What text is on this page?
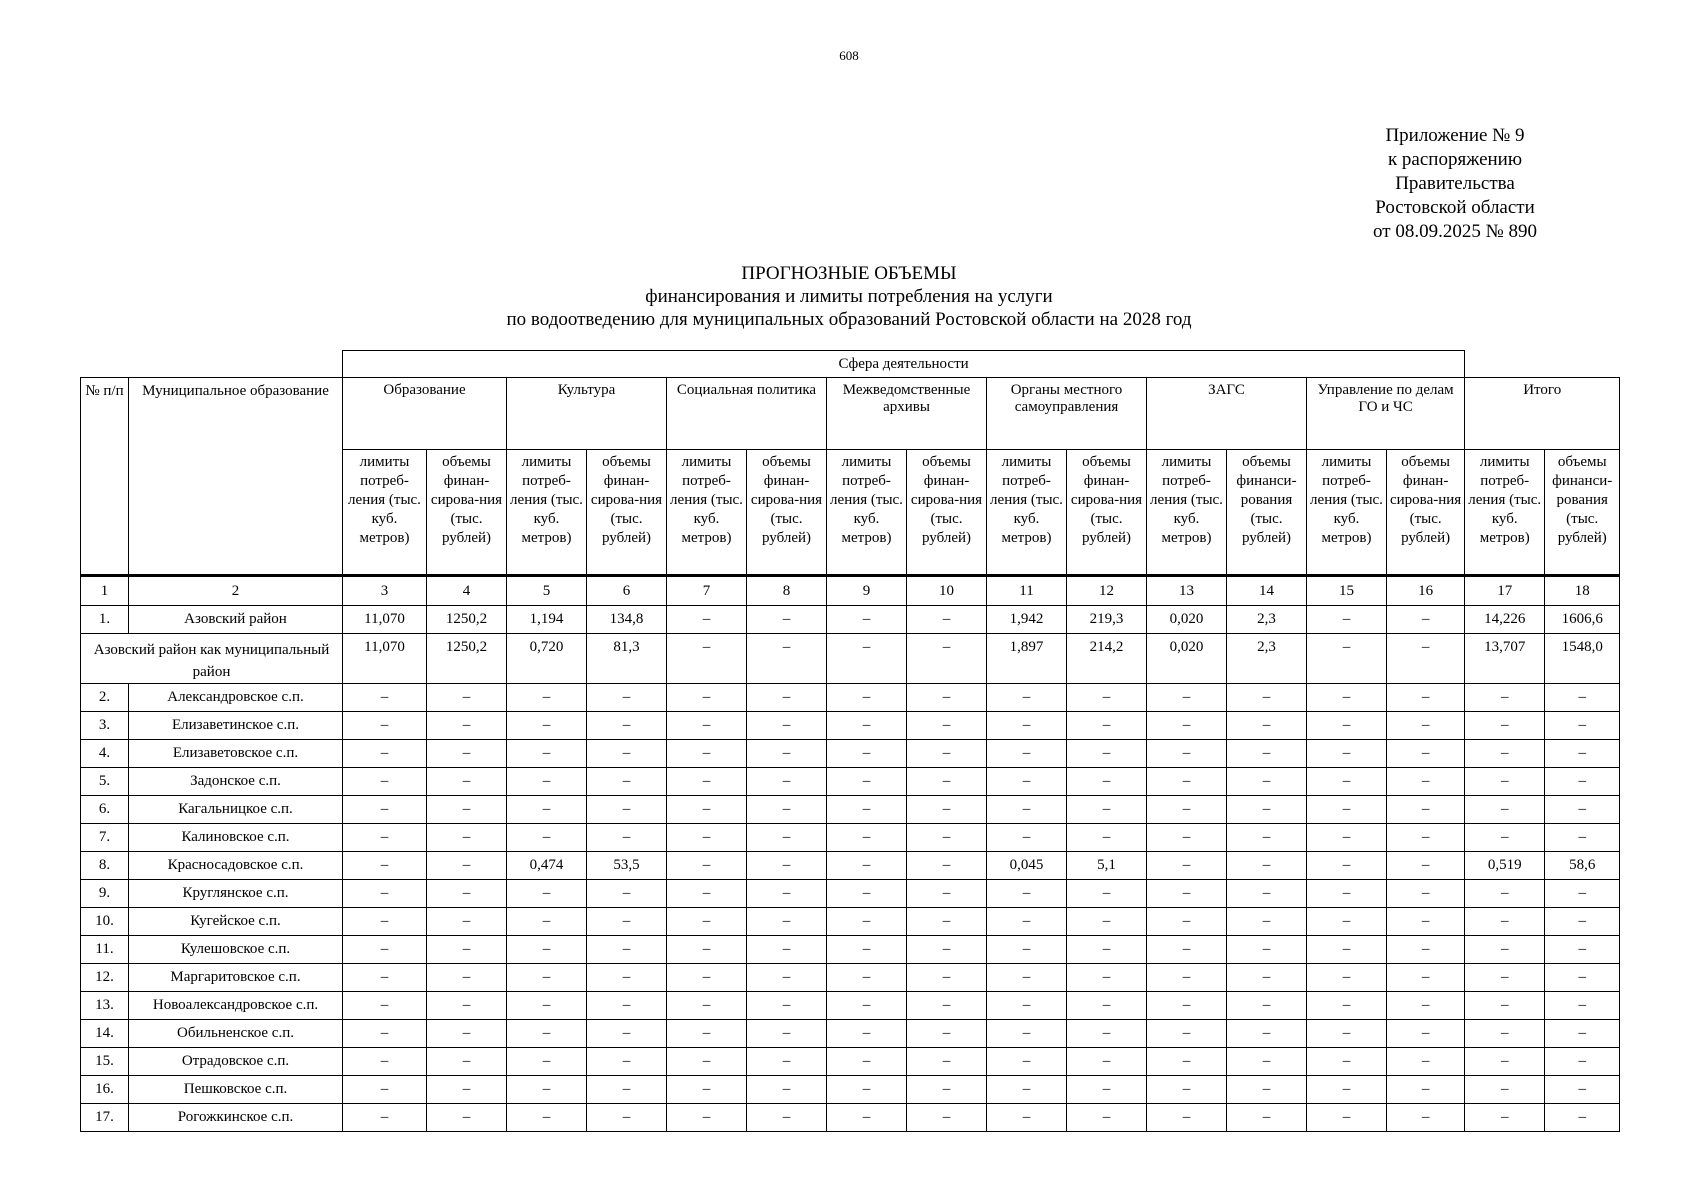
608
Приложение № 9
к распоряжению
Правительства
Ростовской области
от 08.09.2025 № 890
ПРОГНОЗНЫЕ ОБЪЕМЫ
финансирования и лимиты потребления на услуги
по водоотведению для муниципальных образований Ростовской области на 2028 год
		Сфера деятельности															
№ п/п	Муниципальное образование	Образование		Культура		Социальная политика		Межведомственные архивы		Органы местного самоуправления		ЗАГС		Управление по делам ГО и ЧС		Итого	
		лимиты потреб-ления (тыс. куб. метров)	объемы финан-сирова-ния (тыс. рублей)	лимиты потреб-ления (тыс. куб. метров)	объемы финан-сирова-ния (тыс. рублей)	лимиты потреб-ления (тыс. куб. метров)	объемы финан-сирова-ния (тыс. рублей)	лимиты потреб-ления (тыс. куб. метров)	объемы финан-сирова-ния (тыс. рублей)	лимиты потреб-ления (тыс. куб. метров)	объемы финан-сирова-ния (тыс. рублей)	лимиты потреб-ления (тыс. куб. метров)	объемы финанси-рования (тыс. рублей)	лимиты потреб-ления (тыс. куб. метров)	объемы финан-сирова-ния (тыс. рублей)	лимиты потреб-ления (тыс. куб. метров)	объемы финанси-рования (тыс. рублей)
1	2	3	4	5	6	7	8	9	10	11	12	13	14	15	16	17	18
1.	Азовский район	11,070	1250,2	1,194	134,8	–	–	–	–	1,942	219,3	0,020	2,3	–	–	14,226	1606,6
Азовский район как муниципальный район		11,070	1250,2	0,720	81,3	–	–	–	–	1,897	214,2	0,020	2,3	–	–	13,707	1548,0
2.	Александровское с.п.	–	–	–	–	–	–	–	–	–	–	–	–	–	–	–	–
3.	Елизаветинское с.п.	–	–	–	–	–	–	–	–	–	–	–	–	–	–	–	–
4.	Елизаветовское с.п.	–	–	–	–	–	–	–	–	–	–	–	–	–	–	–	–
5.	Задонское с.п.	–	–	–	–	–	–	–	–	–	–	–	–	–	–	–	–
6.	Кагальницкое с.п.	–	–	–	–	–	–	–	–	–	–	–	–	–	–	–	–
7.	Калиновское с.п.	–	–	–	–	–	–	–	–	–	–	–	–	–	–	–	–
8.	Красносадовское с.п.	–	–	0,474	53,5	–	–	–	–	0,045	5,1	–	–	–	–	0,519	58,6
9.	Круглянское с.п.	–	–	–	–	–	–	–	–	–	–	–	–	–	–	–	–
10.	Кугейское с.п.	–	–	–	–	–	–	–	–	–	–	–	–	–	–	–	–
11.	Кулешовское с.п.	–	–	–	–	–	–	–	–	–	–	–	–	–	–	–	–
12.	Маргаритовское с.п.	–	–	–	–	–	–	–	–	–	–	–	–	–	–	–	–
13.	Новоалександровское с.п.	–	–	–	–	–	–	–	–	–	–	–	–	–	–	–	–
14.	Обильненское с.п.	–	–	–	–	–	–	–	–	–	–	–	–	–	–	–	–
15.	Отрадовское с.п.	–	–	–	–	–	–	–	–	–	–	–	–	–	–	–	–
16.	Пешковское с.п.	–	–	–	–	–	–	–	–	–	–	–	–	–	–	–	–
17.	Рогожкинское с.п.	–	–	–	–	–	–	–	–	–	–	–	–	–	–	–	–
